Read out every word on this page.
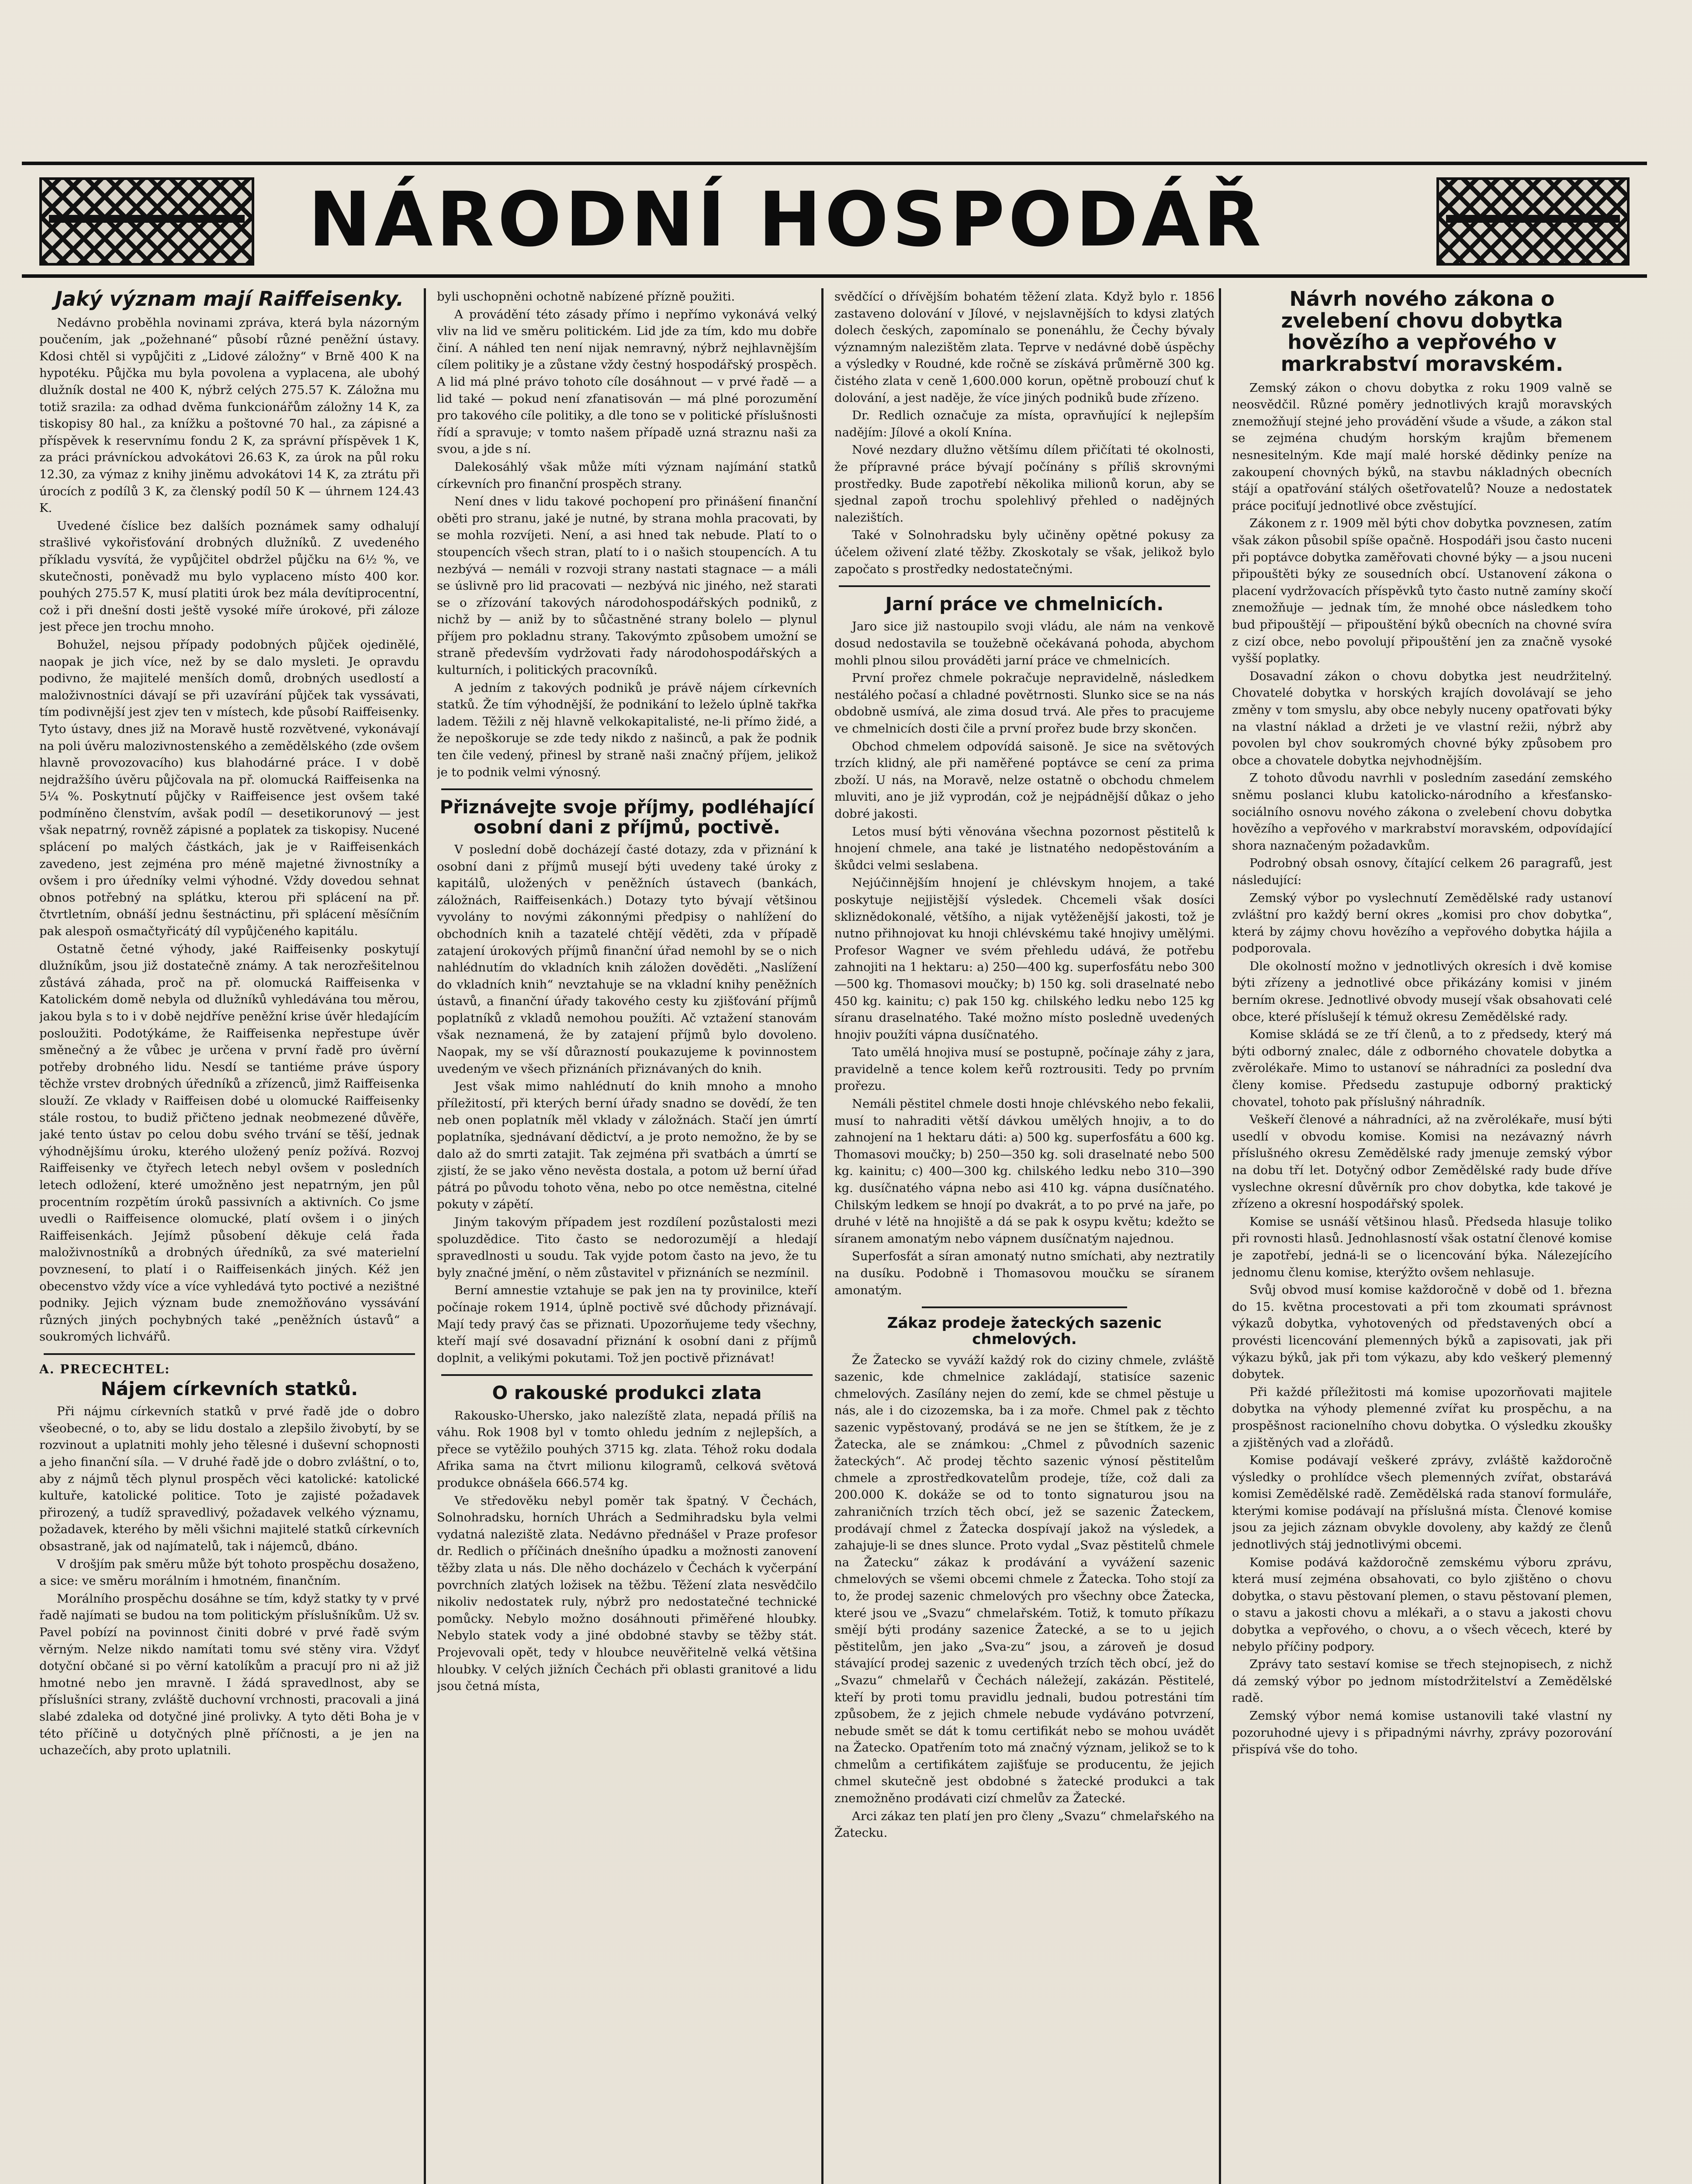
NÁRODNÍ HOSPODÁŘ
Jaký význam mají Raiffeisenky.

Nedávno proběhla novinami zpráva, která byla názorným poučením, jak „požehnané“ působí různé peněžní ústavy. Kdosi chtěl si vypůjčiti z „Lidové záložny“ v Brně 400 K na hypotéku. Půjčka mu byla povolena a vyplacena, ale ubohý dlužník dostal ne 400 K, nýbrž celých 275.57 K. Záložna mu totiž srazila: za odhad dvěma funkcionářům záložny 14 K, za tiskopisy 80 hal., za knížku a poštovné 70 hal., za zápisné a příspěvek k reservnímu fondu 2 K, za správní příspěvek 1 K, za práci právníckou advokátovi 26.63 K, za úrok na půl roku 12.30, za výmaz z knihy jiněmu advokátovi 14 K, za ztrátu při úrocích z podílů 3 K, za členský podíl 50 K — úhrnem 124.43 K.

Uvedené číslice bez dalších poznámek samy odhalují strašlivé vykořisťování drobných dlužníků. Z uvedeného příkladu vysvítá, že vypůjčitel obdržel půjčku na 6½ %, ve skutečnosti, poněvadž mu bylo vyplaceno místo 400 kor. pouhých 275.57 K, musí platiti úrok bez mála devítiprocentní, což i při dnešní dosti ještě vysoké míře úrokové, při záloze jest přece jen trochu mnoho.

Bohužel, nejsou případy podobných půjček ojedinělé, naopak je jich více, než by se dalo mysleti. Je opravdu podivno, že majitelé menších domů, drobných usedlostí a maloživnostníci dávají se při uzavírání půjček tak vyssávati, tím podivnější jest zjev ten v místech, kde působí Raiffeisenky. Tyto ústavy, dnes již na Moravě hustě rozvětvené, vykonávají na poli úvěru malozivnostenského a zemědělského (zde ovšem hlavně provozovacího) kus blahodárné práce. I v době nejdražšího úvěru půjčovala na př. olomucká Raiffeisenka na 5¼ %. Poskytnutí půjčky v Raiffeisence jest ovšem také podmíněno členstvím, avšak podíl — desetikorunový — jest však nepatrný, rovněž zápisné a poplatek za tiskopisy. Nucené splácení po malých částkách, jak je v Raiffeisenkách zavedeno, jest zejména pro méně majetné živnostníky a ovšem i pro úředníky velmi výhodné. Vždy dovedou sehnat obnos potřebný na splátku, kterou při splácení na př. čtvrtletním, obnáší jednu šestnáctinu, při splácení měsíčním pak alespoň osmačtyřicátý díl vypůjčeného kapitálu.

Ostatně četné výhody, jaké Raiffeisenky poskytují dlužníkům, jsou již dostatečně známy. A tak nerozřešitelnou zůstává záhada, proč na př. olomucká Raiffeisenka v Katolickém domě nebyla od dlužníků vyhledávána tou měrou, jakou byla s to i v době nejdříve peněžní krise úvěr hledajícím posloužiti. Podotýkáme, že Raiffeisenka nepřestupe úvěr směnečný a že vůbec je určena v první řadě pro úvěrní potřeby drobného lidu. Nesdí se tantiéme práve úspory těchže vrstev drobných úředníků a zřízenců, jimž Raiffeisenka slouží. Ze vklady v Raiffeisen dobé u olomucké Raiffeisenky stále rostou, to budiž přičteno jednak neobmezené důvěře, jaké tento ústav po celou dobu svého trvání se těší, jednak výhodnějšímu úroku, kterého uložený peníz požívá. Rozvoj Raiffeisenky ve čtyřech letech nebyl ovšem v posledních letech odložení, které umožněno jest nepatrným, jen půl procentním rozpětím úroků passivních a aktivních. Co jsme uvedli o Raiffeisence olomucké, platí ovšem i o jiných Raiffeisenkách. Jejímž působení děkuje celá řada maloživnostníků a drobných úředníků, za své materielní povznesení, to platí i o Raiffeisenkách jiných. Kéž jen obecenstvo vždy více a více vyhledává tyto poctivé a nezištné podniky. Jejich význam bude znemožňováno vyssávání různých jiných pochybných také „peněžních ústavů“ a soukromých lichvářů.

A. PRECECHTEL:
Nájem církevních statků.

Při nájmu církevních statků v prvé řadě jde o dobro všeobecné, o to, aby se lidu dostalo a zlepšilo živobytí, by se rozvinout a uplatniti mohly jeho tělesné i duševní schopnosti a jeho finanční síla. — V druhé řadě jde o dobro zvláštní, o to, aby z nájmů těch plynul prospěch věci katolické: katolické kultuře, katolické politice. Toto je zajisté požadavek přirozený, a tudíž spravedlivý, požadavek velkého významu, požadavek, kterého by měli všichni majitelé statků církevních obsastraně, jak od najímatelů, tak i nájemců, dbáno.

V drošjím pak směru může být tohoto prospěchu dosaženo, a sice: ve směru morálním i hmotném, finančním.

Morálního prospěchu dosáhne se tím, když statky ty v prvé řadě najímati se budou na tom politickým příslušníkům. Už sv. Pavel pobízí na povinnost činiti dobré v prvé řadě svým věrným. Nelze nikdo namítati tomu své stěny vira. Vždyť dotyční občané si po věrní katolíkům a pracují pro ni až již hmotné nebo jen mravně. I žádá spravedlnost, aby se příslušníci strany, zvláště duchovní vrchnosti, pracovali a jiná slabé zdaleka od dotyčné jiné prolivky. A tyto děti Boha je v této příčině u dotyčných plně příčnosti, a je jen na uchazečích, aby proto uplatnili.

byli uschopněni ochotně nabízené přízně použiti.

A provádění této zásady přímo i nepřímo vykonává velký vliv na lid ve směru politickém. Lid jde za tím, kdo mu dobře činí. A náhled ten není nijak nemravný, nýbrž nejhlavnějším cílem politiky je a zůstane vždy čestný hospodářský prospěch. A lid má plné právo tohoto cíle dosáhnout — v prvé řadě — a lid také — pokud není zfanatisován — má plné porozumění pro takového cíle politiky, a dle tono se v politické příslušnosti řídí a spravuje; v tomto našem případě uzná straznu naši za svou, a jde s ní.

Dalekosáhlý však může míti význam najímání statků církevních pro finanční prospěch strany.

Není dnes v lidu takové pochopení pro přinášení finanční oběti pro stranu, jaké je nutné, by strana mohla pracovati, by se mohla rozvíjeti. Není, a asi hned tak nebude. Platí to o stoupencích všech stran, platí to i o našich stoupencích. A tu nezbývá — nemáli v rozvoji strany nastati stagnace — a máli se úslivně pro lid pracovati — nezbývá nic jiného, než starati se o zřízování takových národohospodářských podniků, z nichž by — aniž by to sůčastněné strany bolelo — plynul příjem pro pokladnu strany. Takovýmto způsobem umožní se straně především vydržovati řady národohospodářských a kulturních, i politických pracovníků.

A jedním z takových podniků je právě nájem církevních statků. Že tím výhodnější, že podnikání to leželo úplně takřka ladem. Těžili z něj hlavně velkokapitalisté, ne-li přímo židé, a že nepoškoruje se zde tedy nikdo z našinců, a pak že podnik ten čile vedený, přinesl by straně naši značný příjem, jelikož je to podnik velmi výnosný.

Přiznávejte svoje příjmy, podléhající osobní dani z příjmů, poctivě.

V poslední době docházejí časté dotazy, zda v přiznání k osobní dani z příjmů musejí býti uvedeny také úroky z kapitálů, uložených v peněžních ústavech (bankách, záložnách, Raiffeisenkách.) Dotazy tyto bývají většinou vyvolány to novými zákonnými předpisy o nahlížení do obchodních knih a tazatelé chtějí věděti, zda v případě zatajení úrokových příjmů finanční úřad nemohl by se o nich nahlédnutím do vkladních knih záložen dověděti. „Naslížení do vkladních knih“ nevztahuje se na vkladní knihy peněžních ústavů, a finanční úřady takového cesty ku zjišťování příjmů poplatníků z vkladů nemohou použíti. Ač vztažení stanovám však neznamená, že by zatajení příjmů bylo dovoleno. Naopak, my se vší důrazností poukazujeme k povinnostem uvedeným ve všech přiznáních přiznávaných do knih.

Jest však mimo nahlédnutí do knih mnoho a mnoho příležitostí, při kterých berní úřady snadno se dovědí, že ten neb onen poplatník měl vklady v záložnách. Stačí jen úmrtí poplatníka, sjednávaní dědictví, a je proto nemožno, že by se dalo až do smrti zatajit. Tak zejména při svatbách a úmrtí se zjistí, že se jako věno nevěsta dostala, a potom už berní úřad pátrá po původu tohoto věna, nebo po otce neměstna, citelné pokuty v zápětí.

Jiným takovým případem jest rozdílení pozůstalosti mezi spoluzdědice. Tito často se nedorozumějí a hledají spravedlnosti u soudu. Tak vyjde potom často na jevo, že tu byly značné jmění, o něm zůstavitel v přiznáních se nezmínil.

Berní amnestie vztahuje se pak jen na ty provinilce, kteří počínaje rokem 1914, úplně poctivě své důchody přiznávají. Mají tedy pravý čas se přiznati. Upozorňujeme tedy všechny, kteří mají své dosavadní přiznání k osobní dani z příjmů doplnit, a velikými pokutami. Tož jen poctivě přiznávat!

O rakouské produkci zlata

Rakousko-Uhersko, jako nalezíště zlata, nepadá příliš na váhu. Rok 1908 byl v tomto ohledu jedním z nejlepších, a přece se vytěžilo pouhých 3715 kg. zlata. Téhož roku dodala Afrika sama na čtvrt milionu kilogramů, celková světová produkce obnášela 666.574 kg.

Ve středověku nebyl poměr tak špatný. V Čechách, Solnohradsku, horních Uhrách a Sedmihradsku byla velmi vydatná naleziště zlata. Nedávno přednášel v Praze profesor dr. Redlich o příčinách dnešního úpadku a možnosti zanovení těžby zlata u nás. Dle něho docházelo v Čechách k vyčerpání povrchních zlatých ložisek na těžbu. Těžení zlata nesvědčilo nikoliv nedostatek ruly, nýbrž pro nedostatečné technické pomůcky. Nebylo možno dosáhnouti přiměřené hloubky. Nebylo statek vody a jiné obdobné stavby se těžby stát. Projevovali opět, tedy v hloubce neuvěřitelně velká většina hloubky. V celých jižních Čechách při oblasti granitové a lidu jsou četná místa,

svědčící o dřívějším bohatém těžení zlata. Když bylo r. 1856 zastaveno dolování v Jílové, v nejslavnějších to kdysi zlatých dolech českých, zapomínalo se ponenáhlu, že Čechy bývaly významným nalezištěm zlata. Teprve v nedávné době úspěchy a výsledky v Roudné, kde ročně se získává průměrně 300 kg. čistého zlata v ceně 1,600.000 korun, opětně probouzí chuť k dolování, a jest naděje, že více jiných podniků bude zřízeno.

Dr. Redlich označuje za místa, opravňující k nejlepším nadějím: Jílové a okolí Knína.

Nové nezdary dlužno většímu dílem přičítati té okolnosti, že přípravné práce bývají počínány s příliš skrovnými prostředky. Bude zapotřebí několika milionů korun, aby se sjednal zapoň trochu spolehlivý přehled o nadějných nalezištích.

Také v Solnohradsku byly učiněny opětné pokusy za účelem oživení zlaté těžby. Zkoskotaly se však, jelikož bylo započato s prostředky nedostatečnými.

Jarní práce ve chmelnicích.

Jaro sice již nastoupilo svoji vládu, ale nám na venkově dosud nedostavila se toužebně očekávaná pohoda, abychom mohli plnou silou prováděti jarní práce ve chmelnicích.

První prořez chmele pokračuje nepravidelně, následkem nestálého počasí a chladné povětrnosti. Slunko sice se na nás obdobně usmívá, ale zima dosud trvá. Ale přes to pracujeme ve chmelnicích dosti čile a první prořez bude brzy skončen.

Obchod chmelem odpovídá saisoně. Je sice na světových trzích klidný, ale při naměřené poptávce se cení za prima zboží. U nás, na Moravě, nelze ostatně o obchodu chmelem mluviti, ano je již vyprodán, což je nejpádnější důkaz o jeho dobré jakosti.

Letos musí býti věnována všechna pozornost pěstitelů k hnojení chmele, ana také je listnatého nedopěstováním a škůdci velmi seslabena.

Nejúčinnějším hnojení je chlévskym hnojem, a také poskytuje nejjistější výsledek. Chcemeli však dosíci skliznědokonalé, většího, a nijak vytěženější jakosti, tož je nutno přihnojovat ku hnoji chlévskému také hnojivy umělými. Profesor Wagner ve svém přehledu udává, že potřebu zahnojiti na 1 hektaru: a) 250—400 kg. superfosfátu nebo 300—500 kg. Thomasovi moučky; b) 150 kg. soli draselnaté nebo 450 kg. kainitu; c) pak 150 kg. chilského ledku nebo 125 kg síranu draselnatého. Také možno místo posledně uvedených hnojiv použíti vápna dusíčnatého.

Tato umělá hnojiva musí se postupně, počínaje záhy z jara, pravidelně a tence kolem keřů roztrousiti. Tedy po prvním prořezu.

Nemáli pěstitel chmele dosti hnoje chlévského nebo fekalii, musí to nahraditi větší dávkou umělých hnojiv, a to do zahnojení na 1 hektaru dáti: a) 500 kg. superfosfátu a 600 kg. Thomasovi moučky; b) 250—350 kg. soli draselnaté nebo 500 kg. kainitu; c) 400—300 kg. chilského ledku nebo 310—390 kg. dusíčnatého vápna nebo asi 410 kg. vápna dusíčnatého. Chilským ledkem se hnojí po dvakrát, a to po prvé na jaře, po druhé v létě na hnojiště a dá se pak k osypu květu; kdežto se síranem amonatým nebo vápnem dusíčnatým najednou.

Superfosfát a síran amonatý nutno smíchati, aby neztratily na dusíku. Podobně i Thomasovou moučku se síranem amonatým.

Zákaz prodeje žateckých sazenic chmelových.

Že Žatecko se vyváží každý rok do ciziny chmele, zvláště sazenic, kde chmelnice zakládají, statisíce sazenic chmelových. Zasílány nejen do zemí, kde se chmel pěstuje u nás, ale i do cizozemska, ba i za moře. Chmel pak z těchto sazenic vypěstovaný, prodává se ne jen se štítkem, že je z Žatecka, ale se známkou: „Chmel z původních sazenic žateckých“. Ač prodej těchto sazenic výnosí pěstitelům chmele a zprostředkovatelům prodeje, tíže, což dali za 200.000 K. dokáže se od to tonto signaturou jsou na zahraničních trzích těch obcí, jež se sazenic Žateckem, prodávají chmel z Žatecka dospívají jakož na výsledek, a zahajuje-li se dnes slunce. Proto vydal „Svaz pěstitelů chmele na Žatecku“ zákaz k prodávání a vyvážení sazenic chmelových se všemi obcemi chmele z Žatecka. Toho stojí za to, že prodej sazenic chmelových pro všechny obce Žatecka, které jsou ve „Svazu“ chmelařském. Totiž, k tomuto příkazu smějí býti prodány sazenice Žatecké, a se to u jejich pěstitelům, jen jako „Sva-zu“ jsou, a zároveň je dosud stávající prodej sazenic z uvedených trzích těch obcí, jež do „Svazu“ chmelařů v Čechách náležejí, zakázán. Pěstitelé, kteří by proti tomu pravidlu jednali, budou potrestáni tím způsobem, že z jejich chmele nebude vydáváno potvrzení, nebude smět se dát k tomu certifikát nebo se mohou uvádět na Žatecko. Opatřením toto má značný význam, jelikož se to k chmelům a certifikátem zajišťuje se producentu, že jejich chmel skutečně jest obdobné s žatecké produkci a tak znemožněno prodávati cizí chmelův za Žatecké.

Arci zákaz ten platí jen pro členy „Svazu“ chmelařského na Žatecku.

Návrh nového zákona o zvelebení chovu dobytka hovězího a vepřového v markrabství moravském.

Zemský zákon o chovu dobytka z roku 1909 valně se neosvědčil. Různé poměry jednotlivých krajů moravských znemožňují stejné jeho provádění všude a všude, a zákon stal se zejména chudým horským krajům břemenem nesnesitelným. Kde mají malé horské dědinky peníze na zakoupení chovných býků, na stavbu nákladných obecních stájí a opatřování stálých ošetřovatelů? Nouze a nedostatek práce pociťují jednotlivé obce zvěstující.

Zákonem z r. 1909 měl býti chov dobytka povznesen, zatím však zákon působil spíše opačně. Hospodáři jsou často nuceni při poptávce dobytka zaměřovati chovné býky — a jsou nuceni připouštěti býky ze sousedních obcí. Ustanovení zákona o placení vydržovacích příspěvků tyto často nutně zamíny skočí znemožňuje — jednak tím, že mnohé obce následkem toho bud připouštějí — připouštění býků obecních na chovné svíra z cizí obce, nebo povolují připouštění jen za značně vysoké vyšší poplatky.

Dosavadní zákon o chovu dobytka jest neudržitelný. Chovatelé dobytka v horských krajích dovolávají se jeho změny v tom smyslu, aby obce nebyly nuceny opatřovati býky na vlastní náklad a držeti je ve vlastní režii, nýbrž aby povolen byl chov soukromých chovné býky způsobem pro obce a chovatele dobytka nejvhodnějším.

Z tohoto důvodu navrhli v posledním zasedání zemského sněmu poslanci klubu katolicko-národního a křesťansko-sociálního osnovu nového zákona o zvelebení chovu dobytka hovězího a vepřového v markrabství moravském, odpovídající shora naznačeným požadavkům.

Podrobný obsah osnovy, čítající celkem 26 paragrafů, jest následující:

Zemský výbor po vyslechnutí Zemědělské rady ustanoví zvláštní pro každý berní okres „komisi pro chov dobytka“, která by zájmy chovu hovězího a vepřového dobytka hájila a podporovala.

Dle okolností možno v jednotlivých okresích i dvě komise býti zřízeny a jednotlivé obce přikázány komisi v jiném berním okrese. Jednotlivé obvody musejí však obsahovati celé obce, které příslušejí k témuž okresu Zemědělské rady.

Komise skládá se ze tří členů, a to z předsedy, který má býti odborný znalec, dále z odborného chovatele dobytka a zvěrolékaře. Mimo to ustanoví se náhradníci za poslední dva členy komise. Předsedu zastupuje odborný praktický chovatel, tohoto pak příslušný náhradník.

Veškeří členové a náhradníci, až na zvěrolékaře, musí býti usedlí v obvodu komise. Komisi na nezávazný návrh příslušného okresu Zemědělské rady jmenuje zemský výbor na dobu tří let. Dotyčný odbor Zemědělské rady bude dříve vyslechne okresní důvěrník pro chov dobytka, kde takové je zřízeno a okresní hospodářský spolek.

Komise se usnáší většinou hlasů. Předseda hlasuje toliko při rovnosti hlasů. Jednohlasností však ostatní členové komise je zapotřebí, jedná-li se o licencování býka. Nálezejícího jednomu členu komise, kterýžto ovšem nehlasuje.

Svůj obvod musí komise každoročně v době od 1. března do 15. května procestovati a při tom zkoumati správnost výkazů dobytka, vyhotovených od představených obcí a provésti licencování plemenných býků a zapisovati, jak při výkazu býků, jak při tom výkazu, aby kdo veškerý plemenný dobytek.

Při každé příležitosti má komise upozorňovati majitele dobytka na výhody plemenné zvířat ku prospěchu, a na prospěšnost racionelního chovu dobytka. O výsledku zkoušky a zjištěných vad a zlořádů.

Komise podávají veškeré zprávy, zvláště každoročně výsledky o prohlídce všech plemenných zvířat, obstarává komisi Zemědělské radě. Zemědělská rada stanoví formuláře, kterými komise podávají na příslušná místa. Členové komise jsou za jejich záznam obvykle dovoleny, aby každý ze členů jednotlivých stáj jednotlivými obcemi.

Komise podává každoročně zemskému výboru zprávu, která musí zejména obsahovati, co bylo zjištěno o chovu dobytka, o stavu pěstovaní plemen, o stavu pěstovaní plemen, o stavu a jakosti chovu a mlékaři, a o stavu a jakosti chovu dobytka a vepřového, o chovu, a o všech věcech, které by nebylo příčiny podpory.

Zprávy tato sestaví komise se třech stejnopisech, z nichž dá zemský výbor po jednom místodržitelství a Zemědělské radě.

Zemský výbor nemá komise ustanovili také vlastní ny pozoruhodné ujevy i s připadnými návrhy, zprávy pozorování přispívá vše do toho.
